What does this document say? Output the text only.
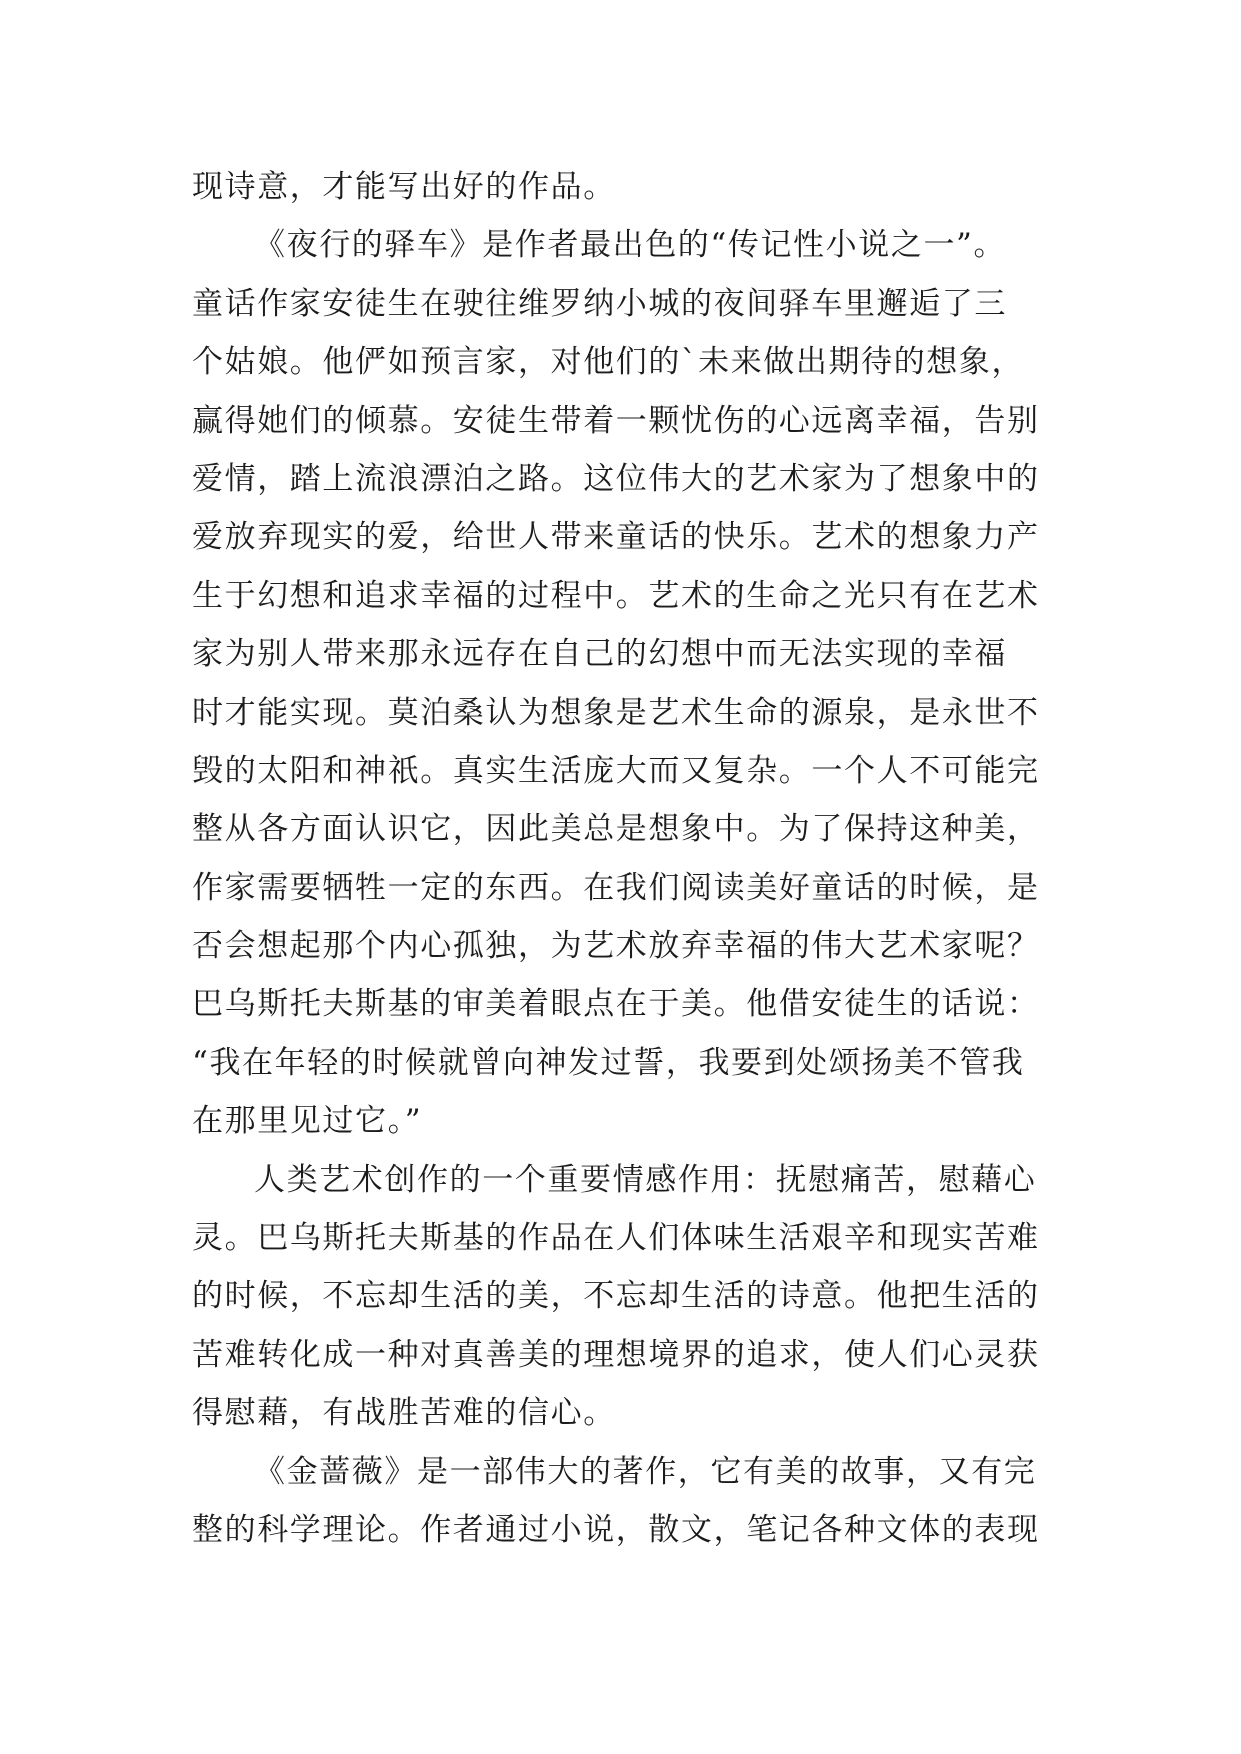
现诗意，才能写出好的作品。
《夜行的驿车》是作者最出色的“传记性小说之一”。
童话作家安徒生在驶往维罗纳小城的夜间驿车里邂逅了三
个姑娘。他俨如预言家，对他们的`未来做出期待的想象，
赢得她们的倾慕。安徒生带着一颗忧伤的心远离幸福，告别
爱情，踏上流浪漂泊之路。这位伟大的艺术家为了想象中的
爱放弃现实的爱，给世人带来童话的快乐。艺术的想象力产
生于幻想和追求幸福的过程中。艺术的生命之光只有在艺术
家为别人带来那永远存在自己的幻想中而无法实现的幸福
时才能实现。莫泊桑认为想象是艺术生命的源泉，是永世不
毁的太阳和神祇。真实生活庞大而又复杂。一个人不可能完
整从各方面认识它，因此美总是想象中。为了保持这种美，
作家需要牺牲一定的东西。在我们阅读美好童话的时候，是
否会想起那个内心孤独，为艺术放弃幸福的伟大艺术家呢？
巴乌斯托夫斯基的审美着眼点在于美。他借安徒生的话说：
“我在年轻的时候就曾向神发过誓，我要到处颂扬美不管我
在那里见过它。”
人类艺术创作的一个重要情感作用：抚慰痛苦，慰藉心
灵。巴乌斯托夫斯基的作品在人们体味生活艰辛和现实苦难
的时候，不忘却生活的美，不忘却生活的诗意。他把生活的
苦难转化成一种对真善美的理想境界的追求，使人们心灵获
得慰藉，有战胜苦难的信心。
《金蔷薇》是一部伟大的著作，它有美的故事，又有完
整的科学理论。作者通过小说，散文，笔记各种文体的表现
